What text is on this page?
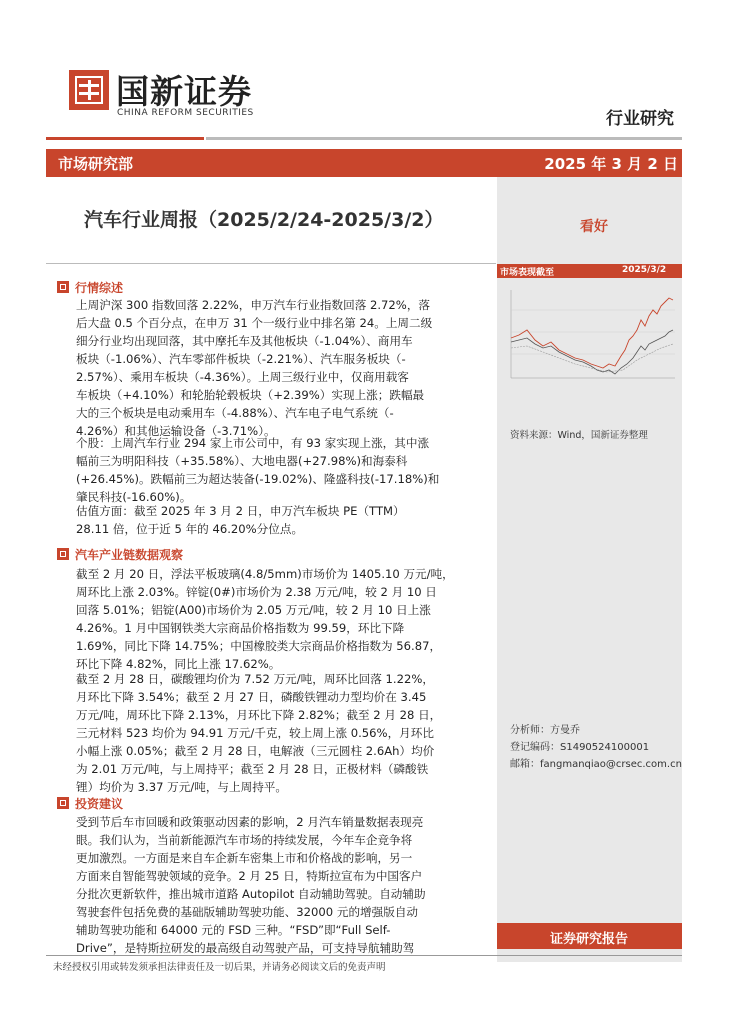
国新证券
CHINA REFORM SECURITIES	行业研究
市场研究部	2025 年 3 月 2 日
汽车行业周报（2025/2/24-2025/3/2）	看好
行情综述
上周沪深 300 指数回落 2.22%，申万汽车行业指数回落 2.72%，落
后大盘 0.5 个百分点，在申万 31 个一级行业中排名第 24。上周二级
细分行业均出现回落，其中摩托车及其他板块（-1.04%）、商用车
板块（-1.06%）、汽车零部件板块（-2.21%）、汽车服务板块（-
2.57%）、乘用车板块（-4.36%）。上周三级行业中，仅商用载客
车板块（+4.10%）和轮胎轮毂板块（+2.39%）实现上涨；跌幅最
大的三个板块是电动乘用车（-4.88%）、汽车电子电气系统（-
4.26%）和其他运输设备（-3.71%）。
个股：上周汽车行业 294 家上市公司中，有 93 家实现上涨，其中涨
幅前三为明阳科技（+35.58%）、大地电器(+27.98%)和海泰科
(+26.45%)。跌幅前三为超达装备(-19.02%)、隆盛科技(-17.18%)和
肇民科技(-16.60%)。
估值方面：截至 2025 年 3 月 2 日，申万汽车板块 PE（TTM）
28.11 倍，位于近 5 年的 46.20%分位点。
汽车产业链数据观察
截至 2 月 20 日，浮法平板玻璃(4.8/5mm)市场价为 1405.10 万元/吨，
周环比上涨 2.03%。锌锭(0#)市场价为 2.38 万元/吨，较 2 月 10 日
回落 5.01%；铝锭(A00)市场价为 2.05 万元/吨，较 2 月 10 日上涨
4.26%。1 月中国钢铁类大宗商品价格指数为 99.59，环比下降
1.69%，同比下降 14.75%；中国橡胶类大宗商品价格指数为 56.87，
环比下降 4.82%，同比上涨 17.62%。
截至 2 月 28 日，碳酸锂均价为 7.52 万元/吨，周环比回落 1.22%，
月环比下降 3.54%；截至 2 月 27 日，磷酸铁锂动力型均价在 3.45
万元/吨，周环比下降 2.13%，月环比下降 2.82%；截至 2 月 28 日，
三元材料 523 均价为 94.91 万元/千克，较上周上涨 0.56%，月环比
小幅上涨 0.05%；截至 2 月 28 日，电解液（三元圆柱 2.6Ah）均价
为 2.01 万元/吨，与上周持平；截至 2 月 28 日，正极材料（磷酸铁
锂）均价为 3.37 万元/吨，与上周持平。
投资建议
受到节后车市回暖和政策驱动因素的影响，2 月汽车销量数据表现亮
眼。我们认为，当前新能源汽车市场的持续发展，今年车企竞争将
更加激烈。一方面是来自车企新车密集上市和价格战的影响，另一
方面来自智能驾驶领域的竞争。2 月 25 日，特斯拉宣布为中国客户
分批次更新软件，推出城市道路 Autopilot 自动辅助驾驶。自动辅助
驾驶套件包括免费的基础版辅助驾驶功能、32000 元的增强版自动
辅助驾驶功能和 64000 元的 FSD 三种。“FSD”即“Full Self-
Drive”，是特斯拉研发的最高级自动驾驶产品，可支持导航辅助驾
市场表现截至	2025/3/2
资料来源：Wind，国新证券整理
分析师：方曼乔
登记编码：S1490524100001
邮箱：fangmanqiao@crsec.com.cn
证券研究报告
未经授权引用或转发须承担法律责任及一切后果，并请务必阅读文后的免责声明
